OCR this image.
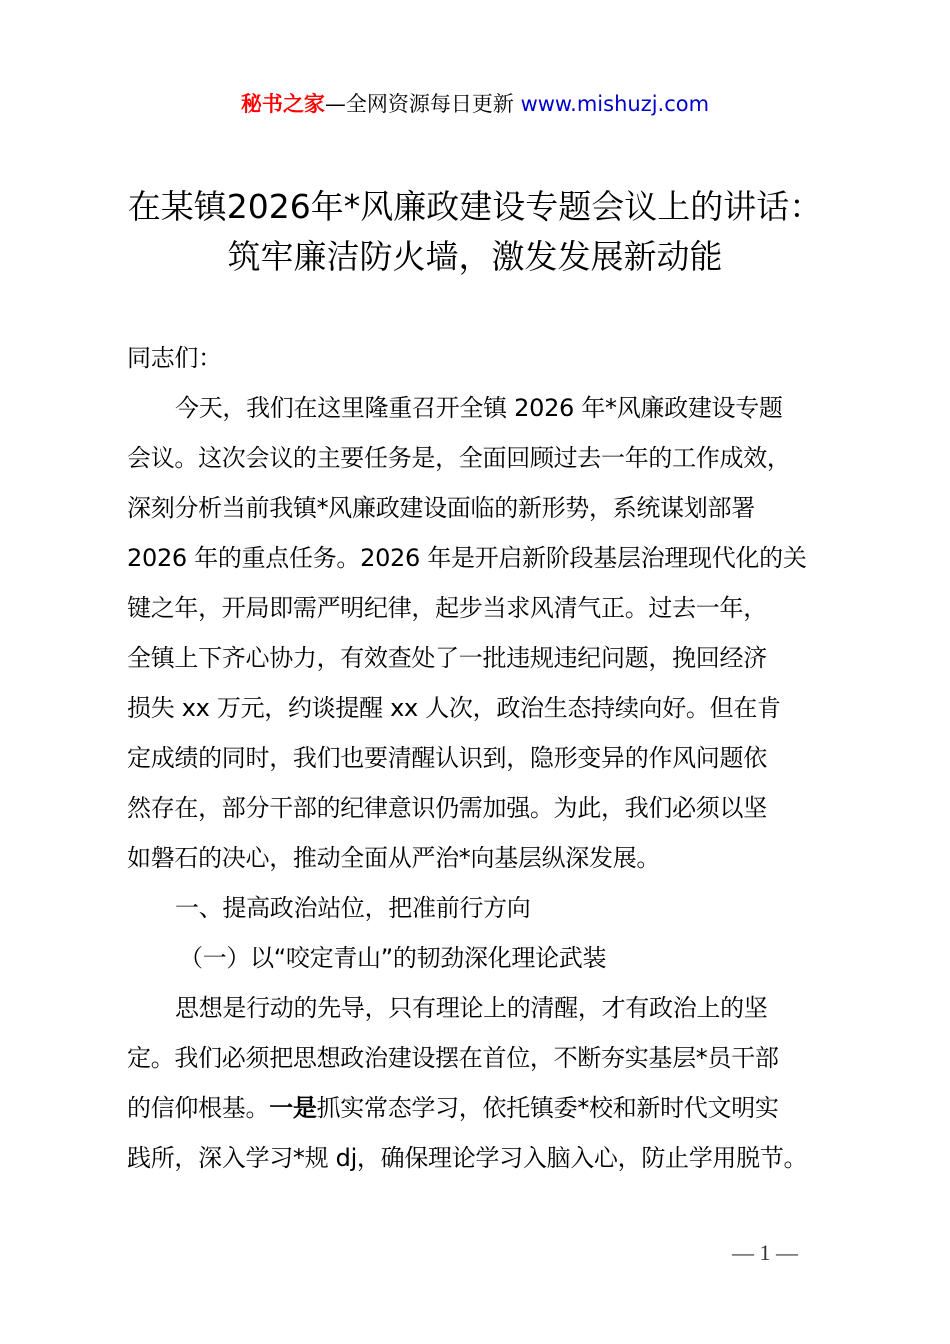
秘书之家—全网资源每日更新 www.mishuzj.com
在某镇2026年*风廉政建设专题会议上的讲话：
筑牢廉洁防火墙，激发发展新动能
同志们：
今天，我们在这里隆重召开全镇 2026 年*风廉政建设专题
会议。这次会议的主要任务是，全面回顾过去一年的工作成效，
深刻分析当前我镇*风廉政建设面临的新形势，系统谋划部署
2026 年的重点任务。2026 年是开启新阶段基层治理现代化的关
键之年，开局即需严明纪律，起步当求风清气正。过去一年，
全镇上下齐心协力，有效查处了一批违规违纪问题，挽回经济
损失 xx 万元，约谈提醒 xx 人次，政治生态持续向好。但在肯
定成绩的同时，我们也要清醒认识到，隐形变异的作风问题依
然存在，部分干部的纪律意识仍需加强。为此，我们必须以坚
如磐石的决心，推动全面从严治*向基层纵深发展。
一、提高政治站位，把准前行方向
（一）以“咬定青山”的韧劲深化理论武装
思想是行动的先导，只有理论上的清醒，才有政治上的坚
定。我们必须把思想政治建设摆在首位，不断夯实基层*员干部
的信仰根基。一是抓实常态学习，依托镇委*校和新时代文明实
践所，深入学习*规 dj，确保理论学习入脑入心，防止学用脱节。
— 1 —
